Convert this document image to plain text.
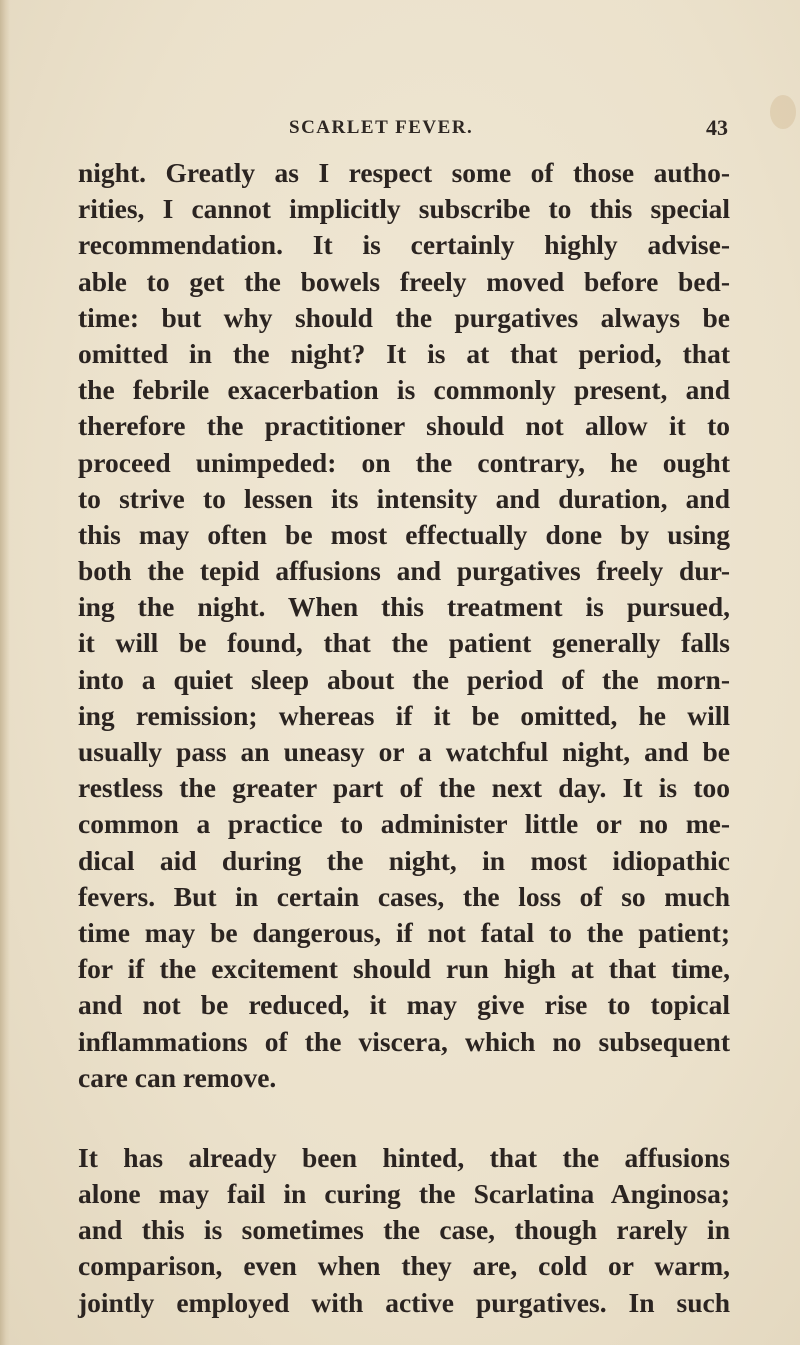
SCARLET FEVER.	43
night. Greatly as I respect some of those autho-
rities, I cannot implicitly subscribe to this special
recommendation. It is certainly highly advise-
able to get the bowels freely moved before bed-
time: but why should the purgatives always be
omitted in the night? It is at that period, that
the febrile exacerbation is commonly present, and
therefore the practitioner should not allow it to
proceed unimpeded: on the contrary, he ought
to strive to lessen its intensity and duration, and
this may often be most effectually done by using
both the tepid affusions and purgatives freely dur-
ing the night. When this treatment is pursued,
it will be found, that the patient generally falls
into a quiet sleep about the period of the morn-
ing remission; whereas if it be omitted, he will
usually pass an uneasy or a watchful night, and be
restless the greater part of the next day. It is too
common a practice to administer little or no me-
dical aid during the night, in most idiopathic
fevers. But in certain cases, the loss of so much
time may be dangerous, if not fatal to the patient;
for if the excitement should run high at that time,
and not be reduced, it may give rise to topical
inflammations of the viscera, which no subsequent
care can remove.
It has already been hinted, that the affusions
alone may fail in curing the Scarlatina Anginosa;
and this is sometimes the case, though rarely in
comparison, even when they are, cold or warm,
jointly employed with active purgatives. In such
